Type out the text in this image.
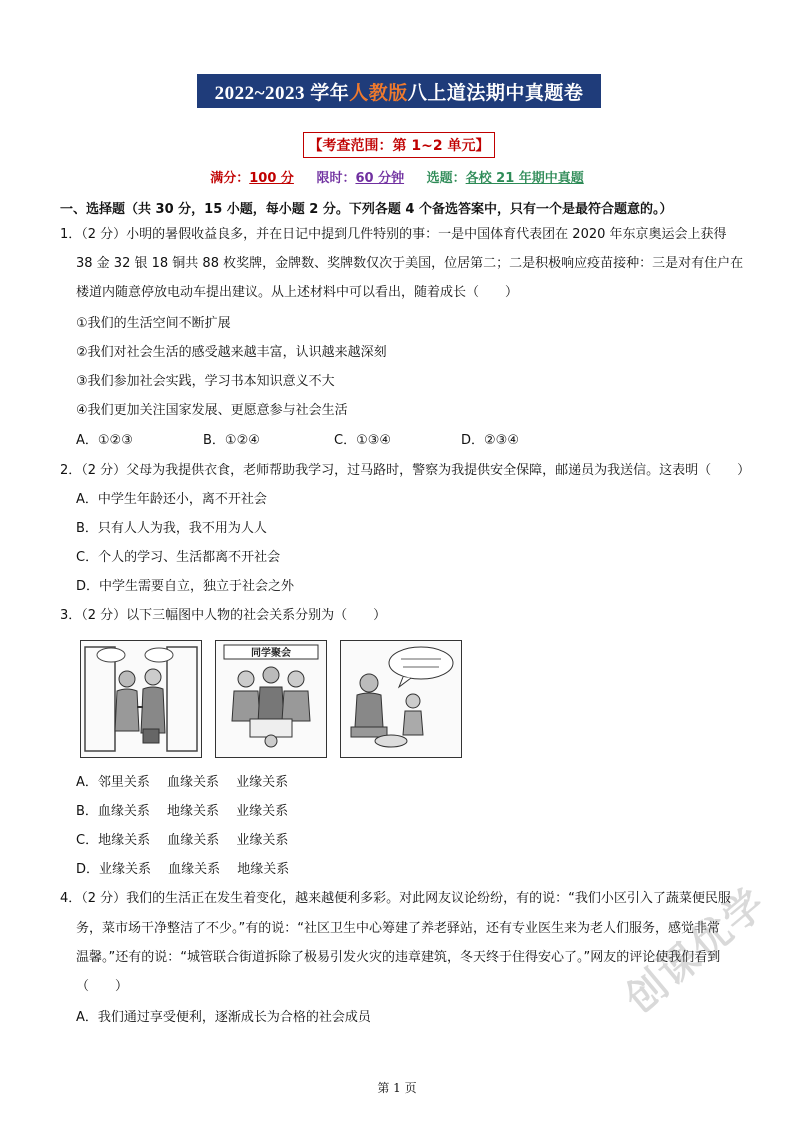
2022~2023 学年 人教版 八上道法期中真题卷
【考查范围：第 1~2 单元】
满分：100 分 限时：60 分钟 选题：各校 21 年期中真题
一、选择题（共 30 分，15 小题，每小题 2 分。下列各题 4 个备选答案中，只有一个是最符合题意的。）
1．（2 分）小明的暑假收益良多，并在日记中提到几件特别的事：一是中国体育代表团在 2020 年东京奥运会上获得
38 金 32 银 18 铜共 88 枚奖牌，金牌数、奖牌数仅次于美国，位居第二；二是积极响应疫苗接种：三是对有住户在
楼道内随意停放电动车提出建议。从上述材料中可以看出，随着成长（　　）
①我们的生活空间不断扩展
②我们对社会生活的感受越来越丰富，认识越来越深刻
③我们参加社会实践，学习书本知识意义不大
④我们更加关注国家发展、更愿意参与社会生活
A．①②③	B．①②④	C．①③④	D．②③④
2．（2 分）父母为我提供衣食，老师帮助我学习，过马路时，警察为我提供安全保障，邮递员为我送信。这表明（　　）
A．中学生年龄还小，离不开社会
B．只有人人为我，我不用为人人
C．个人的学习、生活都离不开社会
D．中学生需要自立，独立于社会之外
3．（2 分）以下三幅图中人物的社会关系分别为（　　）
同学聚会
A．邻里关系　 血缘关系　 业缘关系
B．血缘关系　 地缘关系　 业缘关系
C．地缘关系　 血缘关系　 业缘关系
D．业缘关系　 血缘关系　 地缘关系
4．（2 分）我们的生活正在发生着变化，越来越便利多彩。对此网友议论纷纷，有的说：“我们小区引入了蔬菜便民服
务，菜市场干净整洁了不少。”有的说：“社区卫生中心筹建了养老驿站，还有专业医生来为老人们服务，感觉非常
温馨。”还有的说：“城管联合街道拆除了极易引发火灾的违章建筑，冬天终于住得安心了。”网友的评论使我们看到
（　　）
A．我们通过享受便利，逐渐成长为合格的社会成员	创课优学
第 1 页
